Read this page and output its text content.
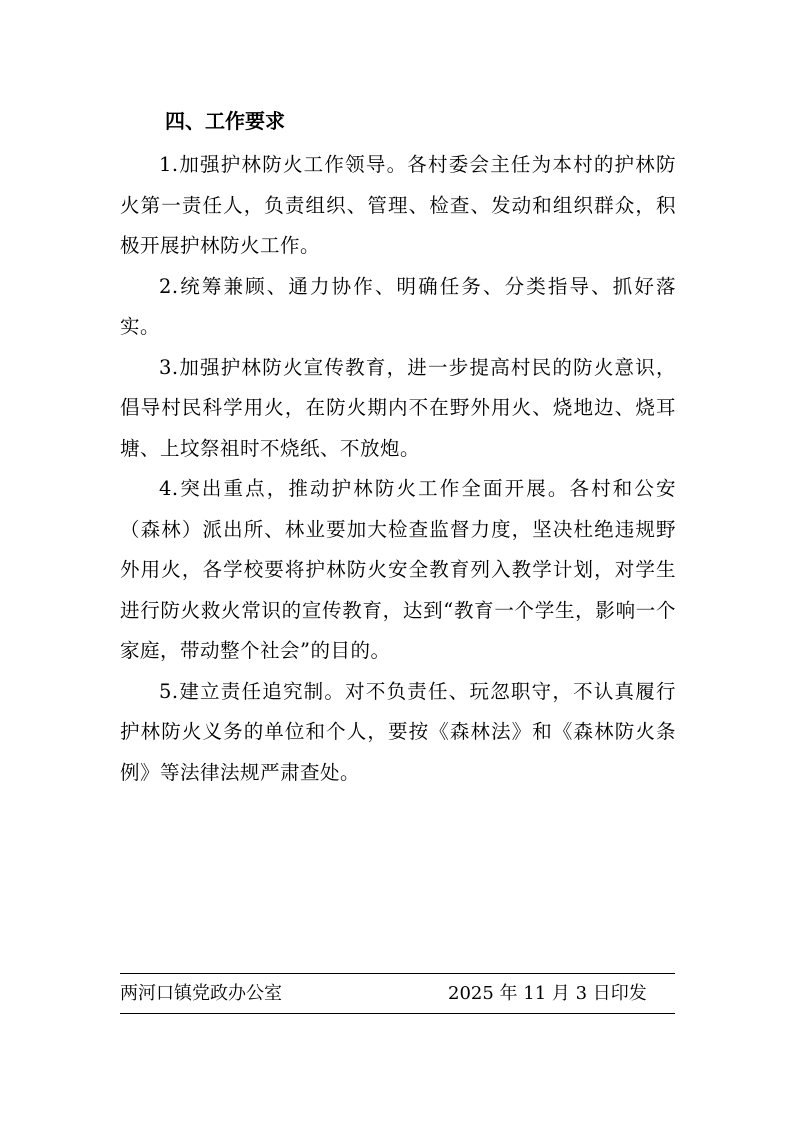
四、工作要求

1.加强护林防火工作领导。各村委会主任为本村的护林防火第一责任人，负责组织、管理、检查、发动和组织群众，积极开展护林防火工作。

2.统筹兼顾、通力协作、明确任务、分类指导、抓好落实。

3.加强护林防火宣传教育，进一步提高村民的防火意识，倡导村民科学用火，在防火期内不在野外用火、烧地边、烧耳塘、上坟祭祖时不烧纸、不放炮。

4.突出重点，推动护林防火工作全面开展。各村和公安（森林）派出所、林业要加大检查监督力度，坚决杜绝违规野外用火，各学校要将护林防火安全教育列入教学计划，对学生进行防火救火常识的宣传教育，达到“教育一个学生，影响一个家庭，带动整个社会”的目的。

5.建立责任追究制。对不负责任、玩忽职守，不认真履行护林防火义务的单位和个人，要按《森林法》和《森林防火条例》等法律法规严肃查处。

两河口镇党政办公室	2025 年 11 月 3 日印发
